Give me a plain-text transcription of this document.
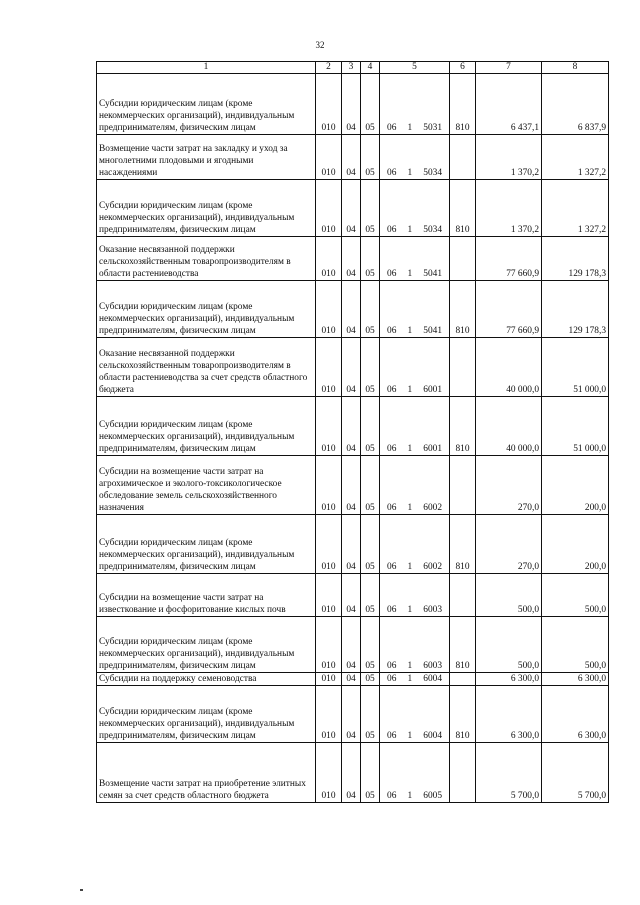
32
1	2	3	4	5	6	7	8
Субсидии юридическим лицам (кроме некоммерческих организаций), индивидуальным предпринимателям, физическим лицам	010	04	05	06 1 5031	810	6 437,1	6 837,9
Возмещение части затрат на закладку и уход за многолетними плодовыми и ягодными насаждениями	010	04	05	06 1 5034		1 370,2	1 327,2
Субсидии юридическим лицам (кроме некоммерческих организаций), индивидуальным предпринимателям, физическим лицам	010	04	05	06 1 5034	810	1 370,2	1 327,2
Оказание несвязанной поддержки сельскохозяйственным товаропроизводителям в области растениеводства	010	04	05	06 1 5041		77 660,9	129 178,3
Субсидии юридическим лицам (кроме некоммерческих организаций), индивидуальным предпринимателям, физическим лицам	010	04	05	06 1 5041	810	77 660,9	129 178,3
Оказание несвязанной поддержки сельскохозяйственным товаропроизводителям в области растениеводства за счет средств областного бюджета	010	04	05	06 1 6001		40 000,0	51 000,0
Субсидии юридическим лицам (кроме некоммерческих организаций), индивидуальным предпринимателям, физическим лицам	010	04	05	06 1 6001	810	40 000,0	51 000,0
Субсидии на возмещение части затрат на агрохимическое и эколого-токсикологическое обследование земель сельскохозяйственного назначения	010	04	05	06 1 6002		270,0	200,0
Субсидии юридическим лицам (кроме некоммерческих организаций), индивидуальным предпринимателям, физическим лицам	010	04	05	06 1 6002	810	270,0	200,0
Субсидии на возмещение части затрат на известкование и фосфоритование кислых почв	010	04	05	06 1 6003		500,0	500,0
Субсидии юридическим лицам (кроме некоммерческих организаций), индивидуальным предпринимателям, физическим лицам	010	04	05	06 1 6003	810	500,0	500,0
Субсидии на поддержку семеноводства	010	04	05	06 1 6004		6 300,0	6 300,0
Субсидии юридическим лицам (кроме некоммерческих организаций), индивидуальным предпринимателям, физическим лицам	010	04	05	06 1 6004	810	6 300,0	6 300,0
Возмещение части затрат на приобретение элитных семян за счет средств областного бюджета	010	04	05	06 1 6005		5 700,0	5 700,0
